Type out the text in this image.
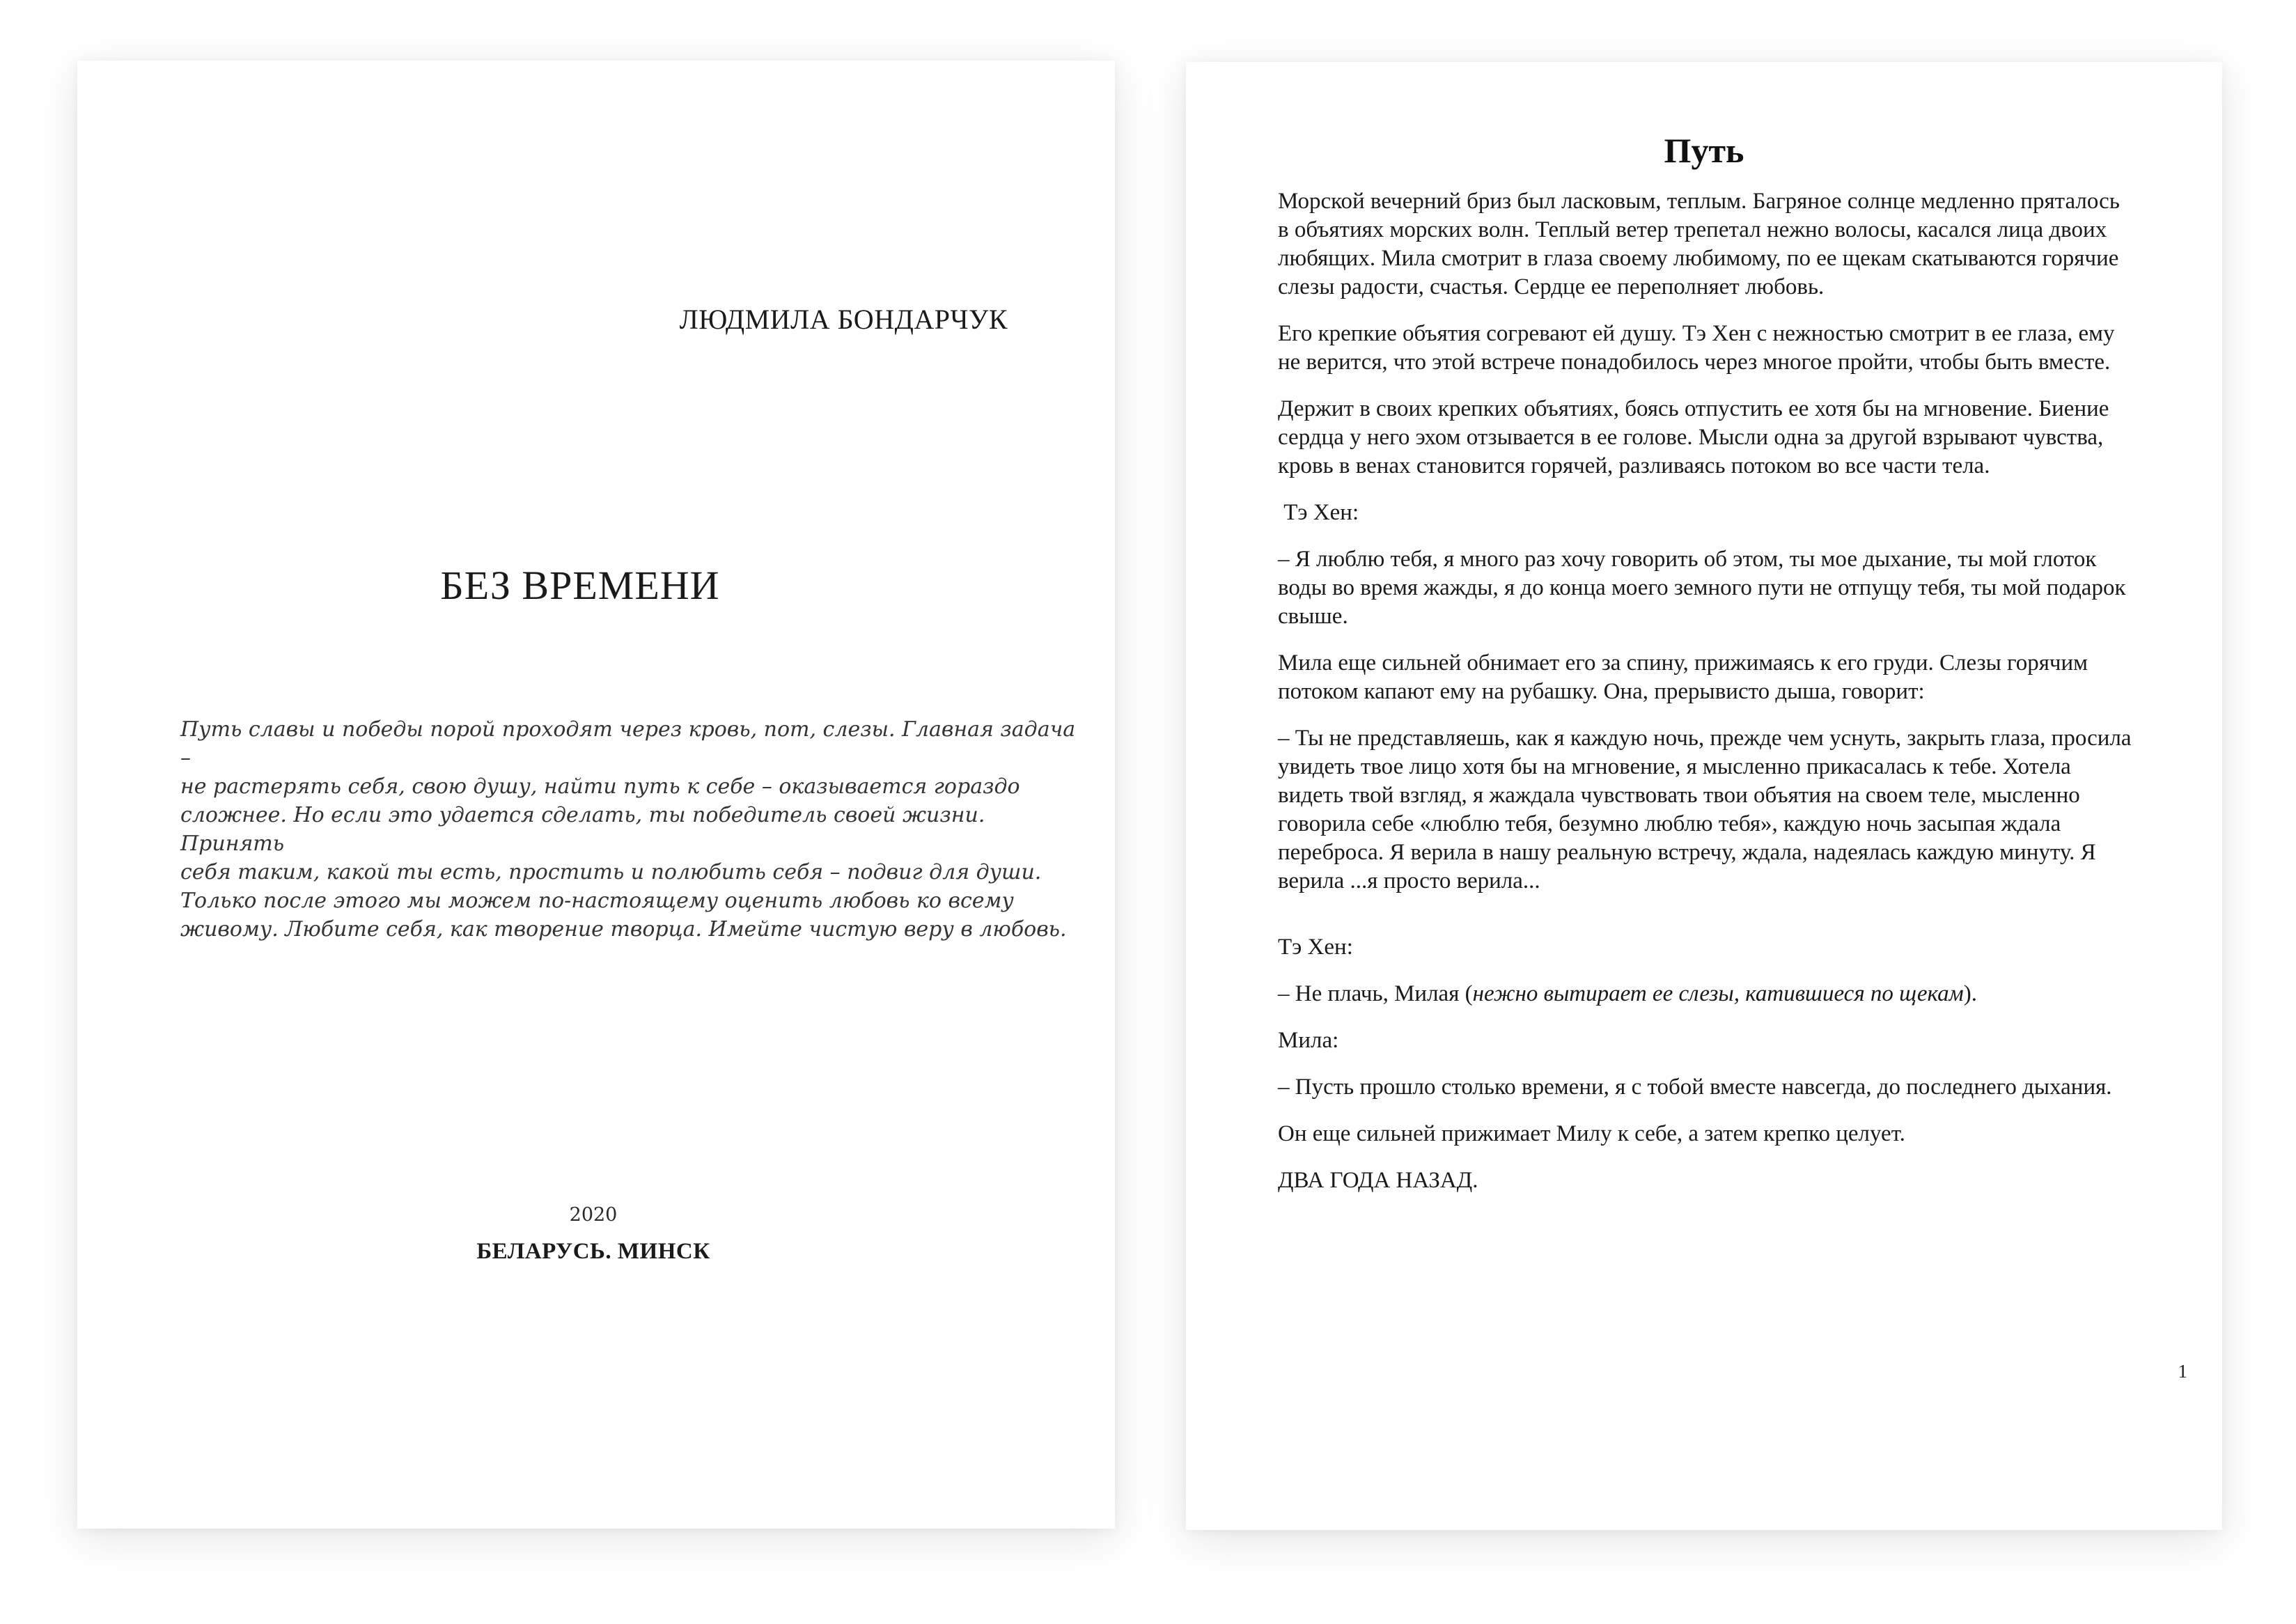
ЛЮДМИЛА БОНДАРЧУК
БЕЗ ВРЕМЕНИ
Путь славы и победы порой проходят через кровь, пот, слезы. Главная задача –
не растерять себя, свою душу, найти путь к себе – оказывается гораздо
сложнее. Но если это удается сделать, ты победитель своей жизни. Принять
себя таким, какой ты есть, простить и полюбить себя – подвиг для души.
Только после этого мы можем по-настоящему оценить любовь ко всему
живому. Любите себя, как творение творца. Имейте чистую веру в любовь.
2020
БЕЛАРУСЬ. МИНСК
Путь

Морской вечерний бриз был ласковым, теплым. Багряное солнце медленно пряталось в объятиях морских волн. Теплый ветер трепетал нежно волосы, касался лица двоих любящих. Мила смотрит в глаза своему любимому, по ее щекам скатываются горячие слезы радости, счастья. Сердце ее переполняет любовь.

Его крепкие объятия согревают ей душу. Тэ Хен с нежностью смотрит в ее глаза, ему не верится, что этой встрече понадобилось через многое пройти, чтобы быть вместе.

Держит в своих крепких объятиях, боясь отпустить ее хотя бы на мгновение. Биение сердца у него эхом отзывается в ее голове. Мысли одна за другой взрывают чувства, кровь в венах становится горячей, разливаясь потоком во все части тела.

Тэ Хен:

– Я люблю тебя, я много раз хочу говорить об этом, ты мое дыхание, ты мой глоток воды во время жажды, я до конца моего земного пути не отпущу тебя, ты мой подарок свыше.

Мила еще сильней обнимает его за спину, прижимаясь к его груди. Слезы горячим потоком капают ему на рубашку. Она, прерывисто дыша, говорит:

– Ты не представляешь, как я каждую ночь, прежде чем уснуть, закрыть глаза, просила увидеть твое лицо хотя бы на мгновение, я мысленно прикасалась к тебе. Хотела видеть твой взгляд, я жаждала чувствовать твои объятия на своем теле, мысленно говорила себе «люблю тебя, безумно люблю тебя», каждую ночь засыпая ждала переброса. Я верила в нашу реальную встречу, ждала, надеялась каждую минуту. Я верила ...я просто верила...

Тэ Хен:

– Не плачь, Милая (нежно вытирает ее слезы, катившиеся по щекам).

Мила:

– Пусть прошло столько времени, я с тобой вместе навсегда, до последнего дыхания.

Он еще сильней прижимает Милу к себе, а затем крепко целует.

ДВА ГОДА НАЗАД.

1
